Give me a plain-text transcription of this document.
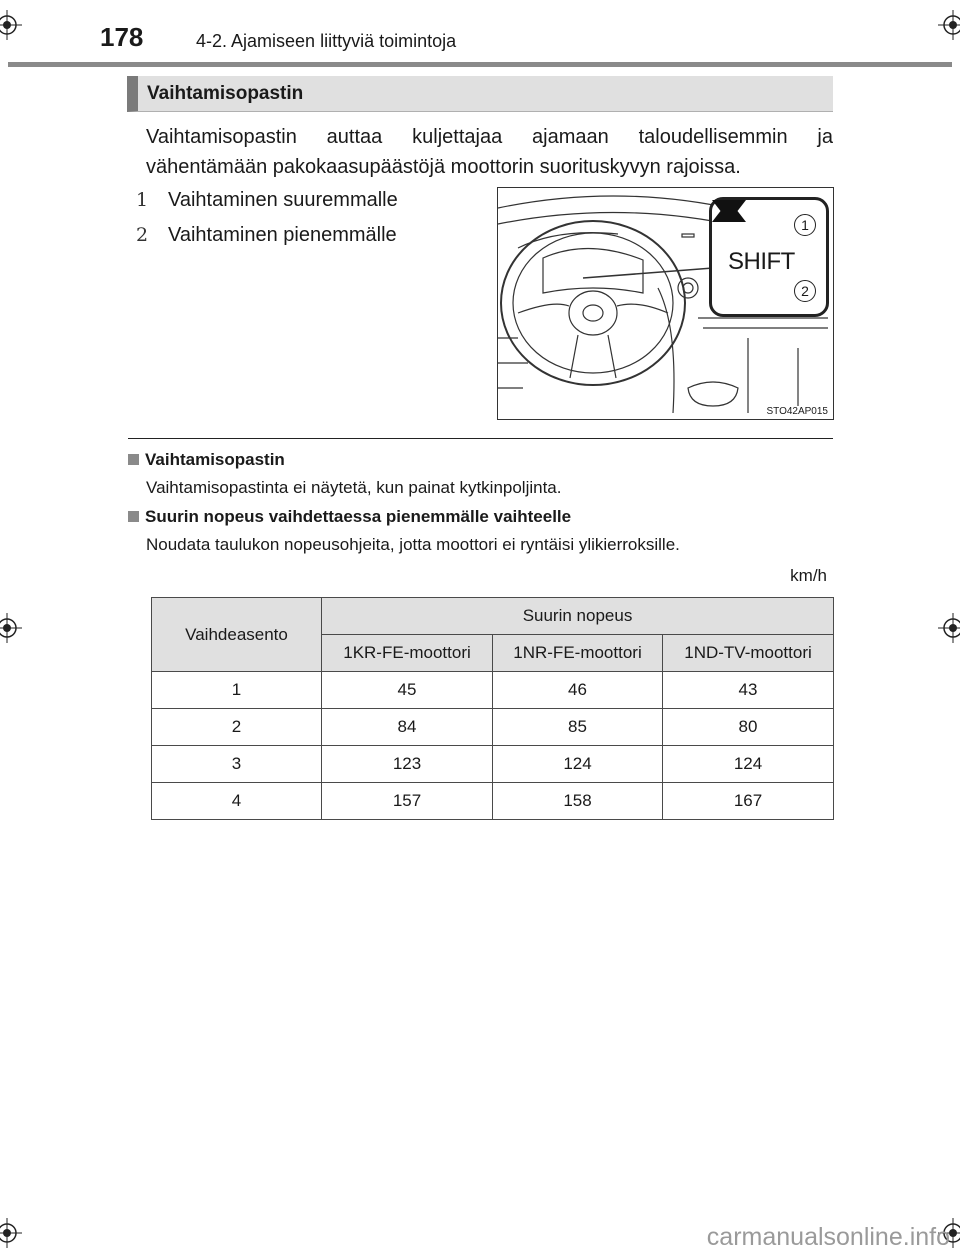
178	4-2. Ajamiseen liittyviä toimintoja
Vaihtamisopastin
Vaihtamisopastin auttaa kuljettajaa ajamaan taloudellisemmin ja vähentämään pakokaasupäästöjä moottorin suorituskyvyn rajoissa.
1 Vaihtaminen suuremmalle
2 Vaihtaminen pienemmälle
SHIFT
1
2
STO42AP015
Vaihtamisopastin
Vaihtamisopastinta ei näytetä, kun painat kytkinpoljinta.
Suurin nopeus vaihdettaessa pienemmälle vaihteelle
Noudata taulukon nopeusohjeita, jotta moottori ei ryntäisi ylikierroksille.
km/h
Vaihdeasento	Suurin nopeus		
	1KR-FE-moottori	1NR-FE-moottori	1ND-TV-moottori
1	45	46	43
2	84	85	80
3	123	124	124
4	157	158	167
carmanualsonline.info
